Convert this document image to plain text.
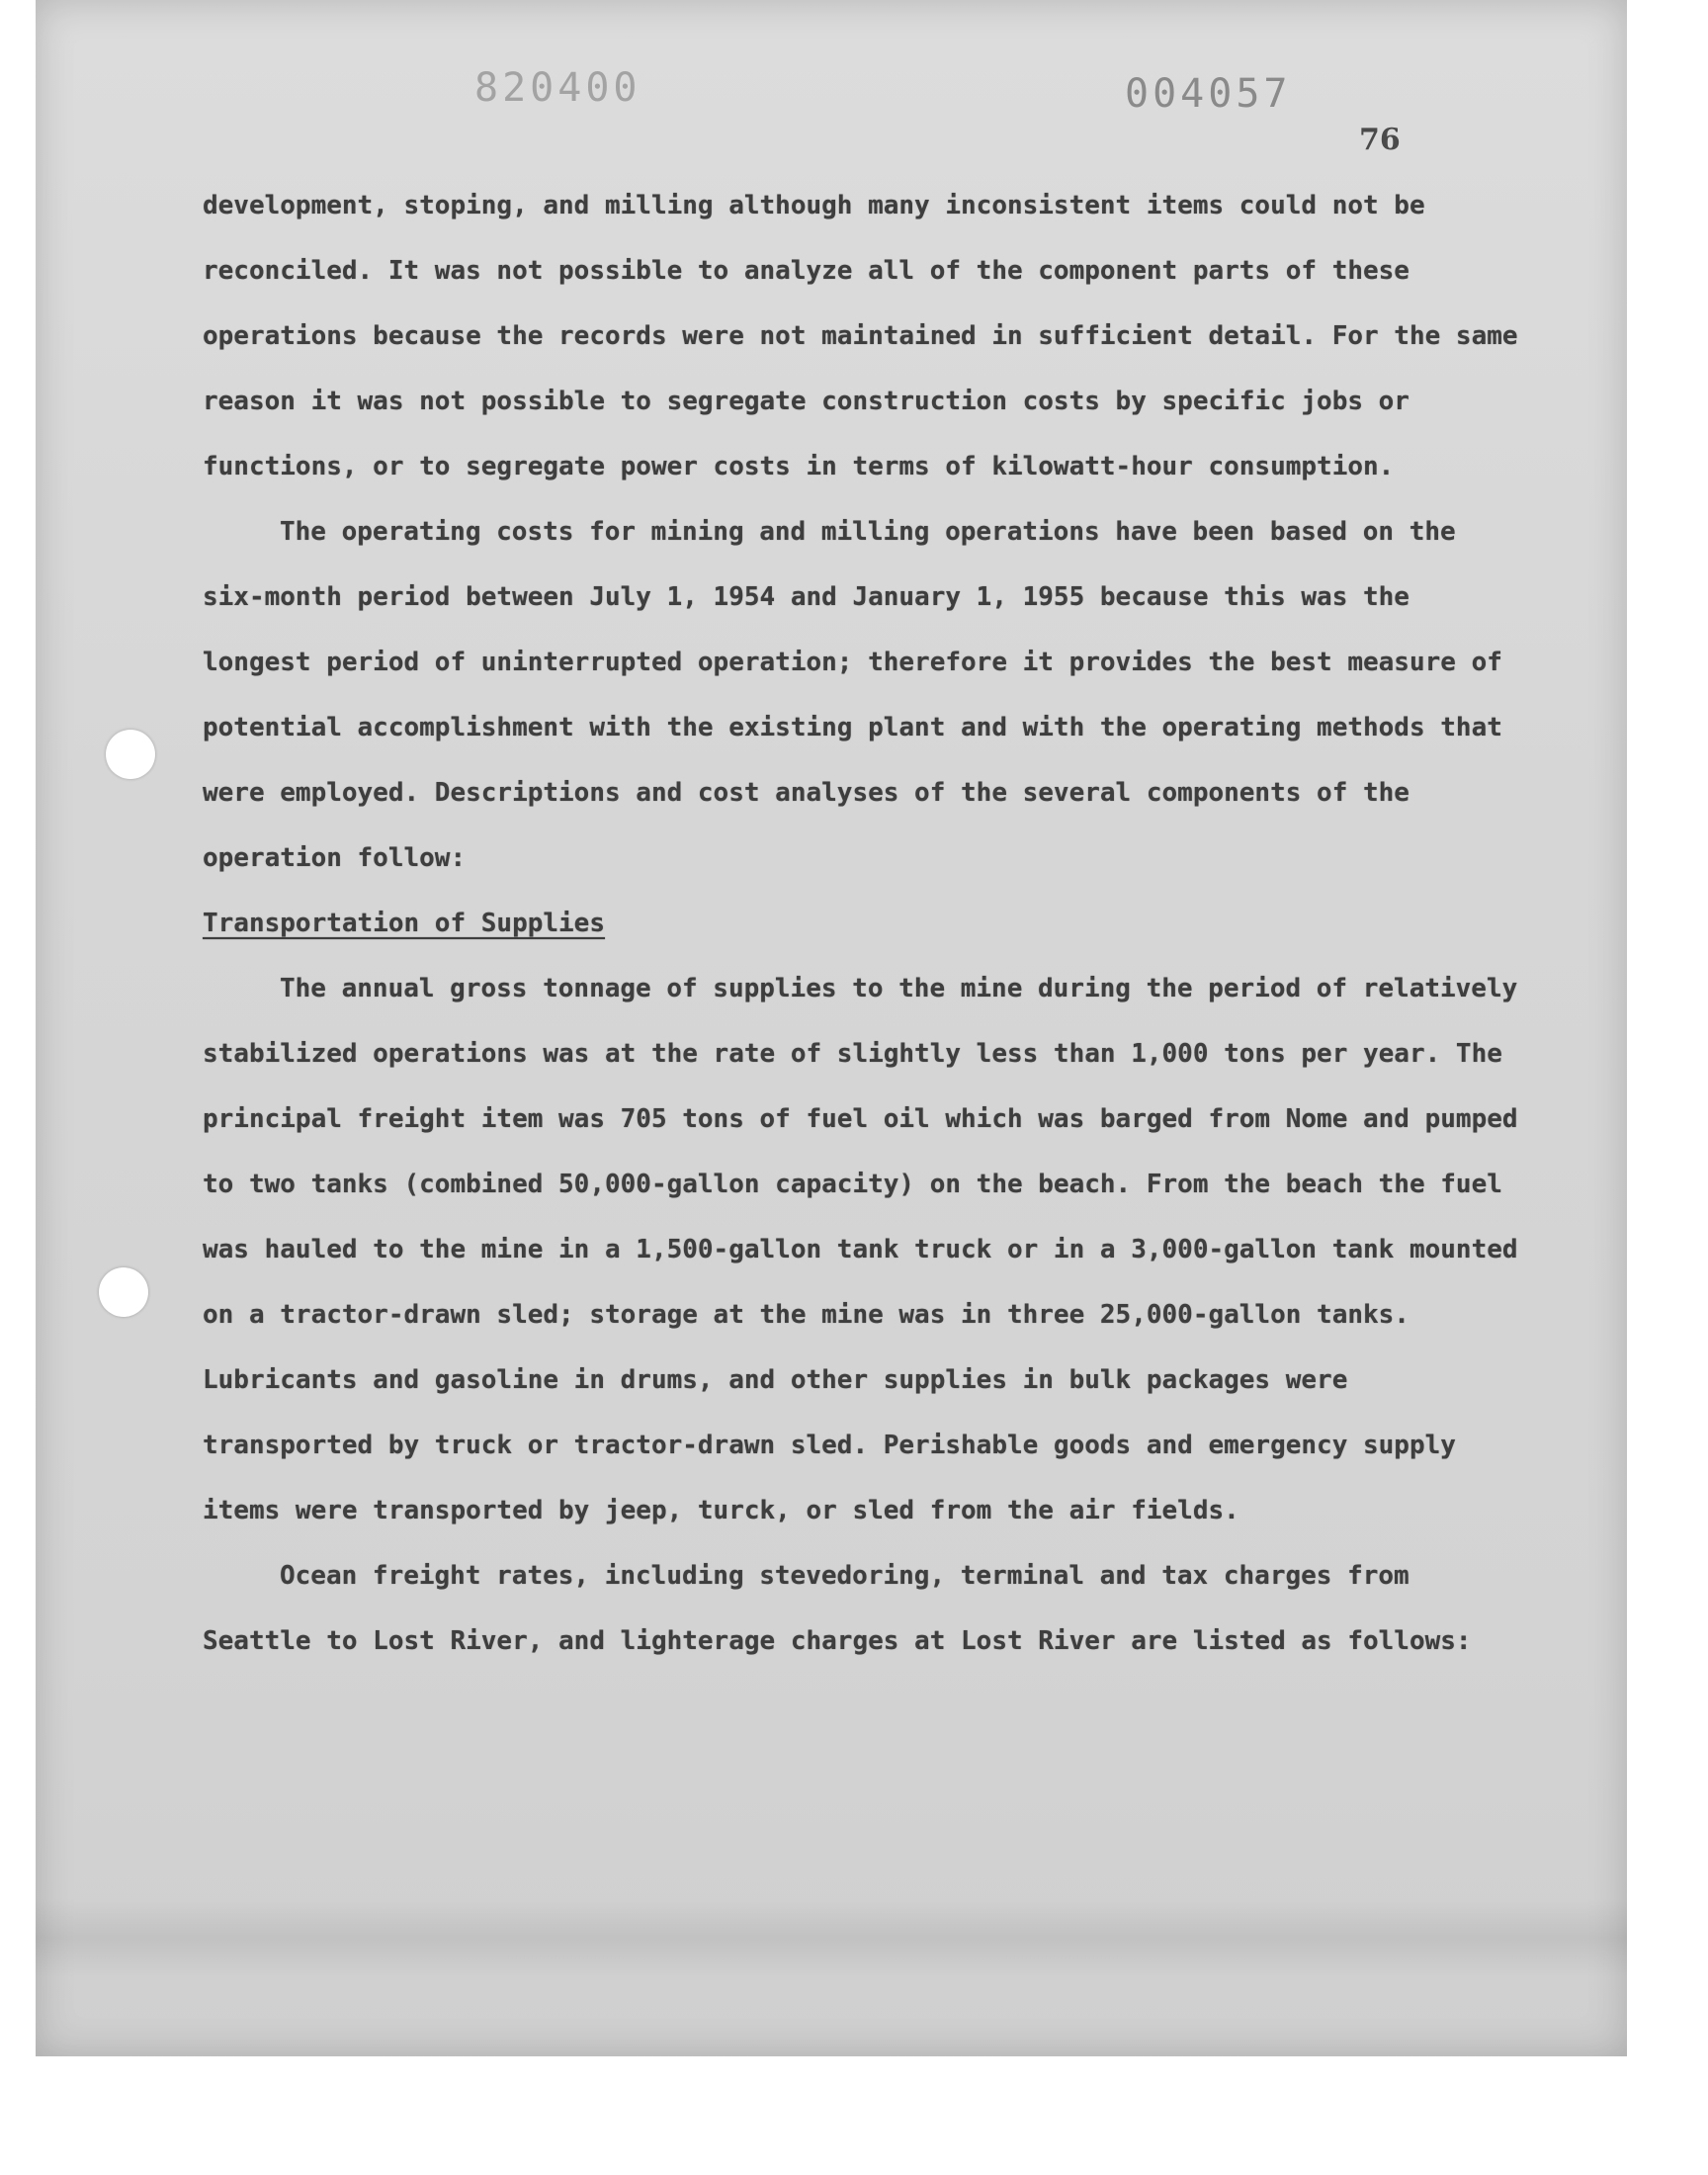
820400	004057
76

development, stoping, and milling although many inconsistent items could not be reconciled. It was not possible to analyze all of the component parts of these operations because the records were not maintained in sufficient detail. For the same reason it was not possible to segregate construction costs by specific jobs or functions, or to segregate power costs in terms of kilowatt-hour consumption.

The operating costs for mining and milling operations have been based on the six-month period between July 1, 1954 and January 1, 1955 because this was the longest period of uninterrupted operation; therefore it provides the best measure of potential accomplishment with the existing plant and with the operating methods that were employed. Descriptions and cost analyses of the several components of the operation follow:

Transportation of Supplies

The annual gross tonnage of supplies to the mine during the period of relatively stabilized operations was at the rate of slightly less than 1,000 tons per year. The principal freight item was 705 tons of fuel oil which was barged from Nome and pumped to two tanks (combined 50,000-gallon capacity) on the beach. From the beach the fuel was hauled to the mine in a 1,500-gallon tank truck or in a 3,000-gallon tank mounted on a tractor-drawn sled; storage at the mine was in three 25,000-gallon tanks. Lubricants and gasoline in drums, and other supplies in bulk packages were transported by truck or tractor-drawn sled. Perishable goods and emergency supply items were transported by jeep, turck, or sled from the air fields.

Ocean freight rates, including stevedoring, terminal and tax charges from Seattle to Lost River, and lighterage charges at Lost River are listed as follows:
